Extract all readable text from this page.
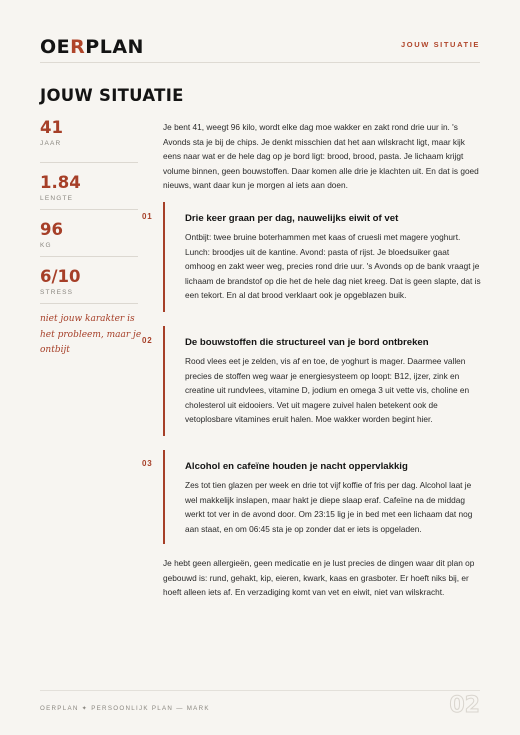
OERPLAN	JOUW SITUATIE
JOUW SITUATIE
41
JAAR
1.84
LENGTE
96
KG
6/10
STRESS
niet jouw karakter is het probleem, maar je ontbijt

Je bent 41, weegt 96 kilo, wordt elke dag moe wakker en zakt rond drie uur in. 's Avonds sta je bij de chips. Je denkt misschien dat het aan wilskracht ligt, maar kijk eens naar wat er de hele dag op je bord ligt: brood, brood, pasta. Je lichaam krijgt volume binnen, geen bouwstoffen. Daar komen alle drie je klachten uit. En dat is goed nieuws, want daar kun je morgen al iets aan doen.

01	Drie keer graan per dag, nauwelijks eiwit of vet

Ontbijt: twee bruine boterhammen met kaas of cruesli met magere yoghurt. Lunch: broodjes uit de kantine. Avond: pasta of rijst. Je bloedsuiker gaat omhoog en zakt weer weg, precies rond drie uur. 's Avonds op de bank vraagt je lichaam de brandstof op die het de hele dag niet kreeg. Dat is geen slapte, dat is een tekort. En al dat brood verklaart ook je opgeblazen buik.

02	De bouwstoffen die structureel van je bord ontbreken

Rood vlees eet je zelden, vis af en toe, de yoghurt is mager. Daarmee vallen precies de stoffen weg waar je energiesysteem op loopt: B12, ijzer, zink en creatine uit rundvlees, vitamine D, jodium en omega 3 uit vette vis, choline en cholesterol uit eidooiers. Vet uit magere zuivel halen betekent ook de vetoplosbare vitamines eruit halen. Moe wakker worden begint hier.

03	Alcohol en cafeïne houden je nacht oppervlakkig

Zes tot tien glazen per week en drie tot vijf koffie of fris per dag. Alcohol laat je wel makkelijk inslapen, maar hakt je diepe slaap eraf. Cafeïne na de middag werkt tot ver in de avond door. Om 23:15 lig je in bed met een lichaam dat nog aan staat, en om 06:45 sta je op zonder dat er iets is opgeladen.

Je hebt geen allergieën, geen medicatie en je lust precies de dingen waar dit plan op gebouwd is: rund, gehakt, kip, eieren, kwark, kaas en grasboter. Er hoeft niks bij, er hoeft alleen iets af. En verzadiging komt van vet en eiwit, niet van wilskracht.

OERPLAN ✦ PERSOONLIJK PLAN — MARK	02
